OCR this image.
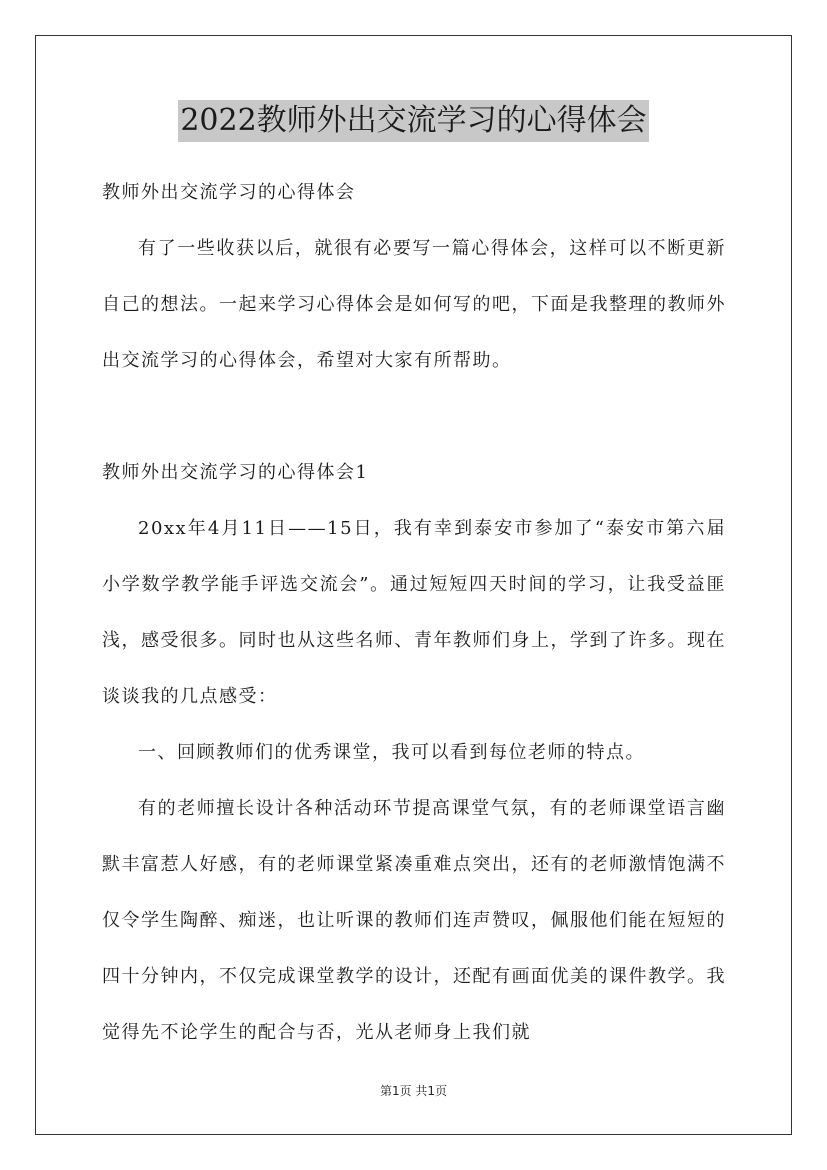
2022教师外出交流学习的心得体会

教师外出交流学习的心得体会

有了一些收获以后，就很有必要写一篇心得体会，这样可以不断更新自己的想法。一起来学习心得体会是如何写的吧，下面是我整理的教师外出交流学习的心得体会，希望对大家有所帮助。

教师外出交流学习的心得体会1

20xx年4月11日——15日，我有幸到泰安市参加了“泰安市第六届小学数学教学能手评选交流会”。通过短短四天时间的学习，让我受益匪浅，感受很多。同时也从这些名师、青年教师们身上，学到了许多。现在谈谈我的几点感受：

一、回顾教师们的优秀课堂，我可以看到每位老师的特点。

有的老师擅长设计各种活动环节提高课堂气氛，有的老师课堂语言幽默丰富惹人好感，有的老师课堂紧凑重难点突出，还有的老师激情饱满不仅令学生陶醉、痴迷，也让听课的教师们连声赞叹，佩服他们能在短短的四十分钟内，不仅完成课堂教学的设计，还配有画面优美的课件教学。我觉得先不论学生的配合与否，光从老师身上我们就

第1页 共1页
